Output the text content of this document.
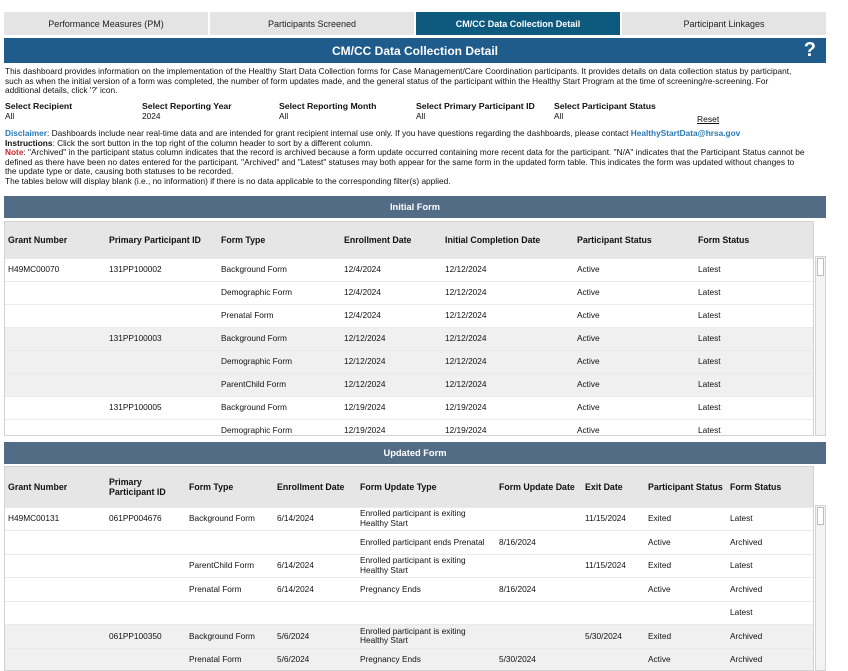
Performance Measures (PM)	Participants Screened	CM/CC Data Collection Detail	Participant Linkages
CM/CC Data Collection Detail	?

This dashboard provides information on the implementation of the Healthy Start Data Collection forms for Case Management/Care Coordination participants. It provides details on data collection status by participant, such as when the initial version of a form was completed, the number of form updates made, and the general status of the participant within the Healthy Start Program at the time of screening/re-screening. For additional details, click '?' icon.

Select Recipient
All
Select Reporting Year
2024
Select Reporting Month
All
Select Primary Participant ID
All
Select Participant Status
All	Reset

Disclaimer: Dashboards include near real-time data and are intended for grant recipient internal use only. If you have questions regarding the dashboards, please contact HealthyStartData@hrsa.gov
Instructions: Click the sort button in the top right of the column header to sort by a different column.
Note: "Archived" in the participant status column indicates that the record is archived because a form update occurred containing more recent data for the participant. "N/A" indicates that the Participant Status cannot be defined as there have been no dates entered for the participant. "Archived" and "Latest" statuses may both appear for the same form in the updated form table. This indicates the form was updated without changes to the update type or date, causing both statuses to be recorded.
The tables below will display blank (i.e., no information) if there is no data applicable to the corresponding filter(s) applied.

Initial Form
Grant Number	Primary Participant ID	Form Type	Enrollment Date	Initial Completion Date	Participant Status	Form Status
H49MC00070	131PP100002	Background Form	12/4/2024	12/12/2024	Active	Latest
		Demographic Form	12/4/2024	12/12/2024	Active	Latest
		Prenatal Form	12/4/2024	12/12/2024	Active	Latest
	131PP100003	Background Form	12/12/2024	12/12/2024	Active	Latest
		Demographic Form	12/12/2024	12/12/2024	Active	Latest
		ParentChild Form	12/12/2024	12/12/2024	Active	Latest
	131PP100005	Background Form	12/19/2024	12/19/2024	Active	Latest
		Demographic Form	12/19/2024	12/19/2024	Active	Latest
Updated Form
Grant Number	Primary Participant ID	Form Type	Enrollment Date	Form Update Type	Form Update Date	Exit Date	Participant Status	Form Status
H49MC00131	061PP004676	Background Form	6/14/2024	Enrolled participant is exiting Healthy Start		11/15/2024	Exited	Latest
				Enrolled participant ends Prenatal	8/16/2024		Active	Archived
		ParentChild Form	6/14/2024	Enrolled participant is exiting Healthy Start		11/15/2024	Exited	Latest
		Prenatal Form	6/14/2024	Pregnancy Ends	8/16/2024		Active	Archived
								Latest
	061PP100350	Background Form	5/6/2024	Enrolled participant is exiting Healthy Start		5/30/2024	Exited	Archived
		Prenatal Form	5/6/2024	Pregnancy Ends	5/30/2024		Active	Archived
